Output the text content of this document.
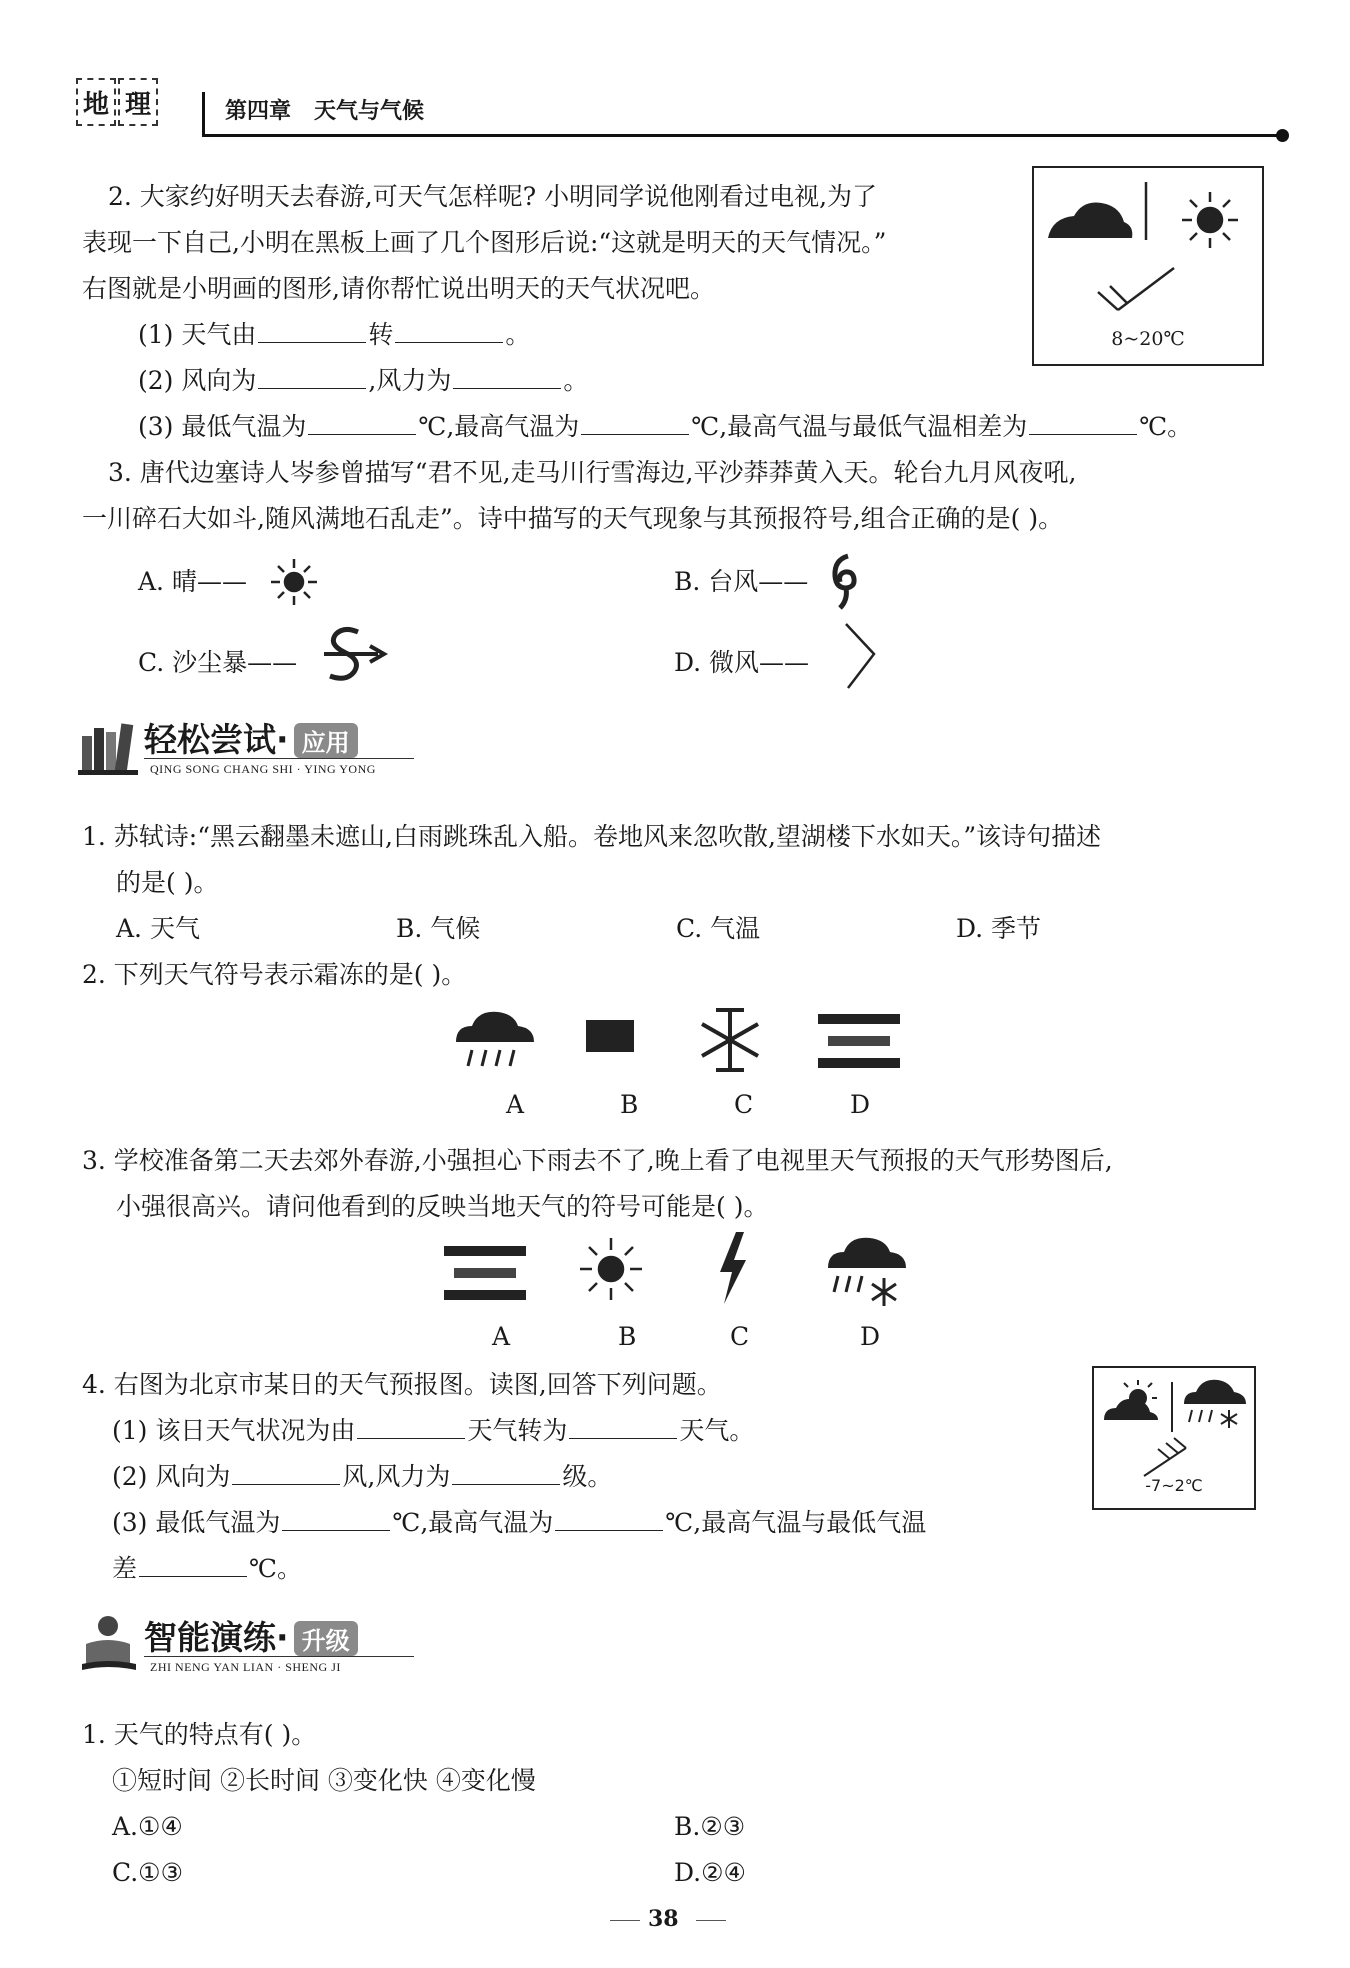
地 理	第四章 天气与气候
2. 大家约好明天去春游,可天气怎样呢? 小明同学说他刚看过电视,为了
表现一下自己,小明在黑板上画了几个图形后说:“这就是明天的天气情况。”
右图就是小明画的图形,请你帮忙说出明天的天气状况吧。
(1) 天气由	转	。
(2) 风向为	,风力为	。
(3) 最低气温为	℃,最高气温为	℃,最高气温与最低气温相差为	℃。
8~20℃
3. 唐代边塞诗人岑参曾描写“君不见,走马川行雪海边,平沙莽莽黄入天。轮台九月风夜吼,
一川碎石大如斗,随风满地石乱走”。诗中描写的天气现象与其预报符号,组合正确的是( )。
A. 晴——	B. 台风——
C. 沙尘暴——	D. 微风——
轻松尝试· 应用
QING SONG CHANG SHI · YING YONG
1. 苏轼诗:“黑云翻墨未遮山,白雨跳珠乱入船。卷地风来忽吹散,望湖楼下水如天。”该诗句描述
的是( )。
A. 天气	B. 气候	C. 气温	D. 季节
2. 下列天气符号表示霜冻的是( )。
A	B	C	D
3. 学校准备第二天去郊外春游,小强担心下雨去不了,晚上看了电视里天气预报的天气形势图后,
小强很高兴。请问他看到的反映当地天气的符号可能是( )。
A	B	C	D
4. 右图为北京市某日的天气预报图。读图,回答下列问题。
(1) 该日天气状况为由	天气转为	天气。
(2) 风向为	风,风力为	级。
(3) 最低气温为	℃,最高气温为	℃,最高气温与最低气温
差	℃。
-7~2℃
智能演练· 升级
ZHI NENG YAN LIAN · SHENG JI
1. 天气的特点有( )。
①短时间 ②长时间 ③变化快 ④变化慢
A.①④	B.②③
C.①③	D.②④
38
